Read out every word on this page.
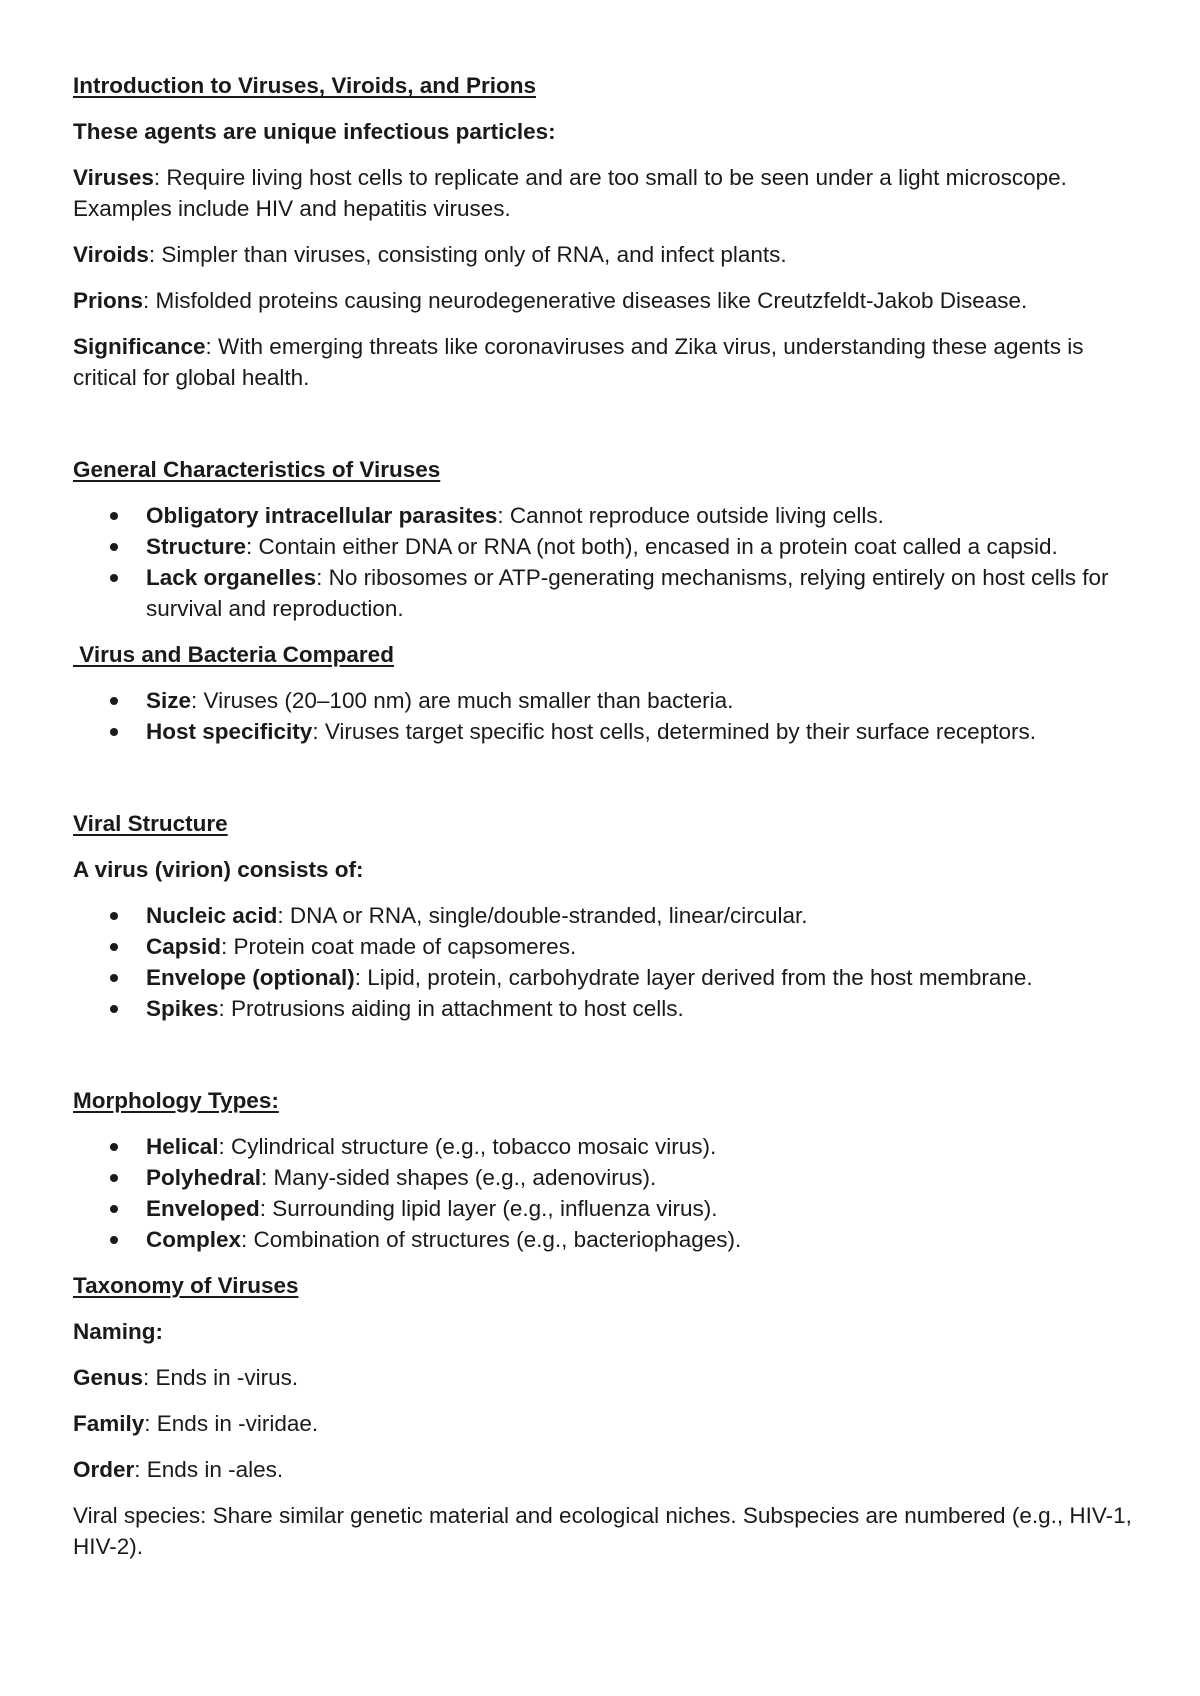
Introduction to Viruses, Viroids, and Prions
These agents are unique infectious particles:
Viruses: Require living host cells to replicate and are too small to be seen under a light microscope. Examples include HIV and hepatitis viruses.
Viroids: Simpler than viruses, consisting only of RNA, and infect plants.
Prions: Misfolded proteins causing neurodegenerative diseases like Creutzfeldt-Jakob Disease.
Significance: With emerging threats like coronaviruses and Zika virus, understanding these agents is critical for global health.
General Characteristics of Viruses
Obligatory intracellular parasites: Cannot reproduce outside living cells.
Structure: Contain either DNA or RNA (not both), encased in a protein coat called a capsid.
Lack organelles: No ribosomes or ATP-generating mechanisms, relying entirely on host cells for survival and reproduction.
Virus and Bacteria Compared
Size: Viruses (20–100 nm) are much smaller than bacteria.
Host specificity: Viruses target specific host cells, determined by their surface receptors.
Viral Structure
A virus (virion) consists of:
Nucleic acid: DNA or RNA, single/double-stranded, linear/circular.
Capsid: Protein coat made of capsomeres.
Envelope (optional): Lipid, protein, carbohydrate layer derived from the host membrane.
Spikes: Protrusions aiding in attachment to host cells.
Morphology Types:
Helical: Cylindrical structure (e.g., tobacco mosaic virus).
Polyhedral: Many-sided shapes (e.g., adenovirus).
Enveloped: Surrounding lipid layer (e.g., influenza virus).
Complex: Combination of structures (e.g., bacteriophages).
Taxonomy of Viruses
Naming:
Genus: Ends in -virus.
Family: Ends in -viridae.
Order: Ends in -ales.
Viral species: Share similar genetic material and ecological niches. Subspecies are numbered (e.g., HIV-1, HIV-2).
